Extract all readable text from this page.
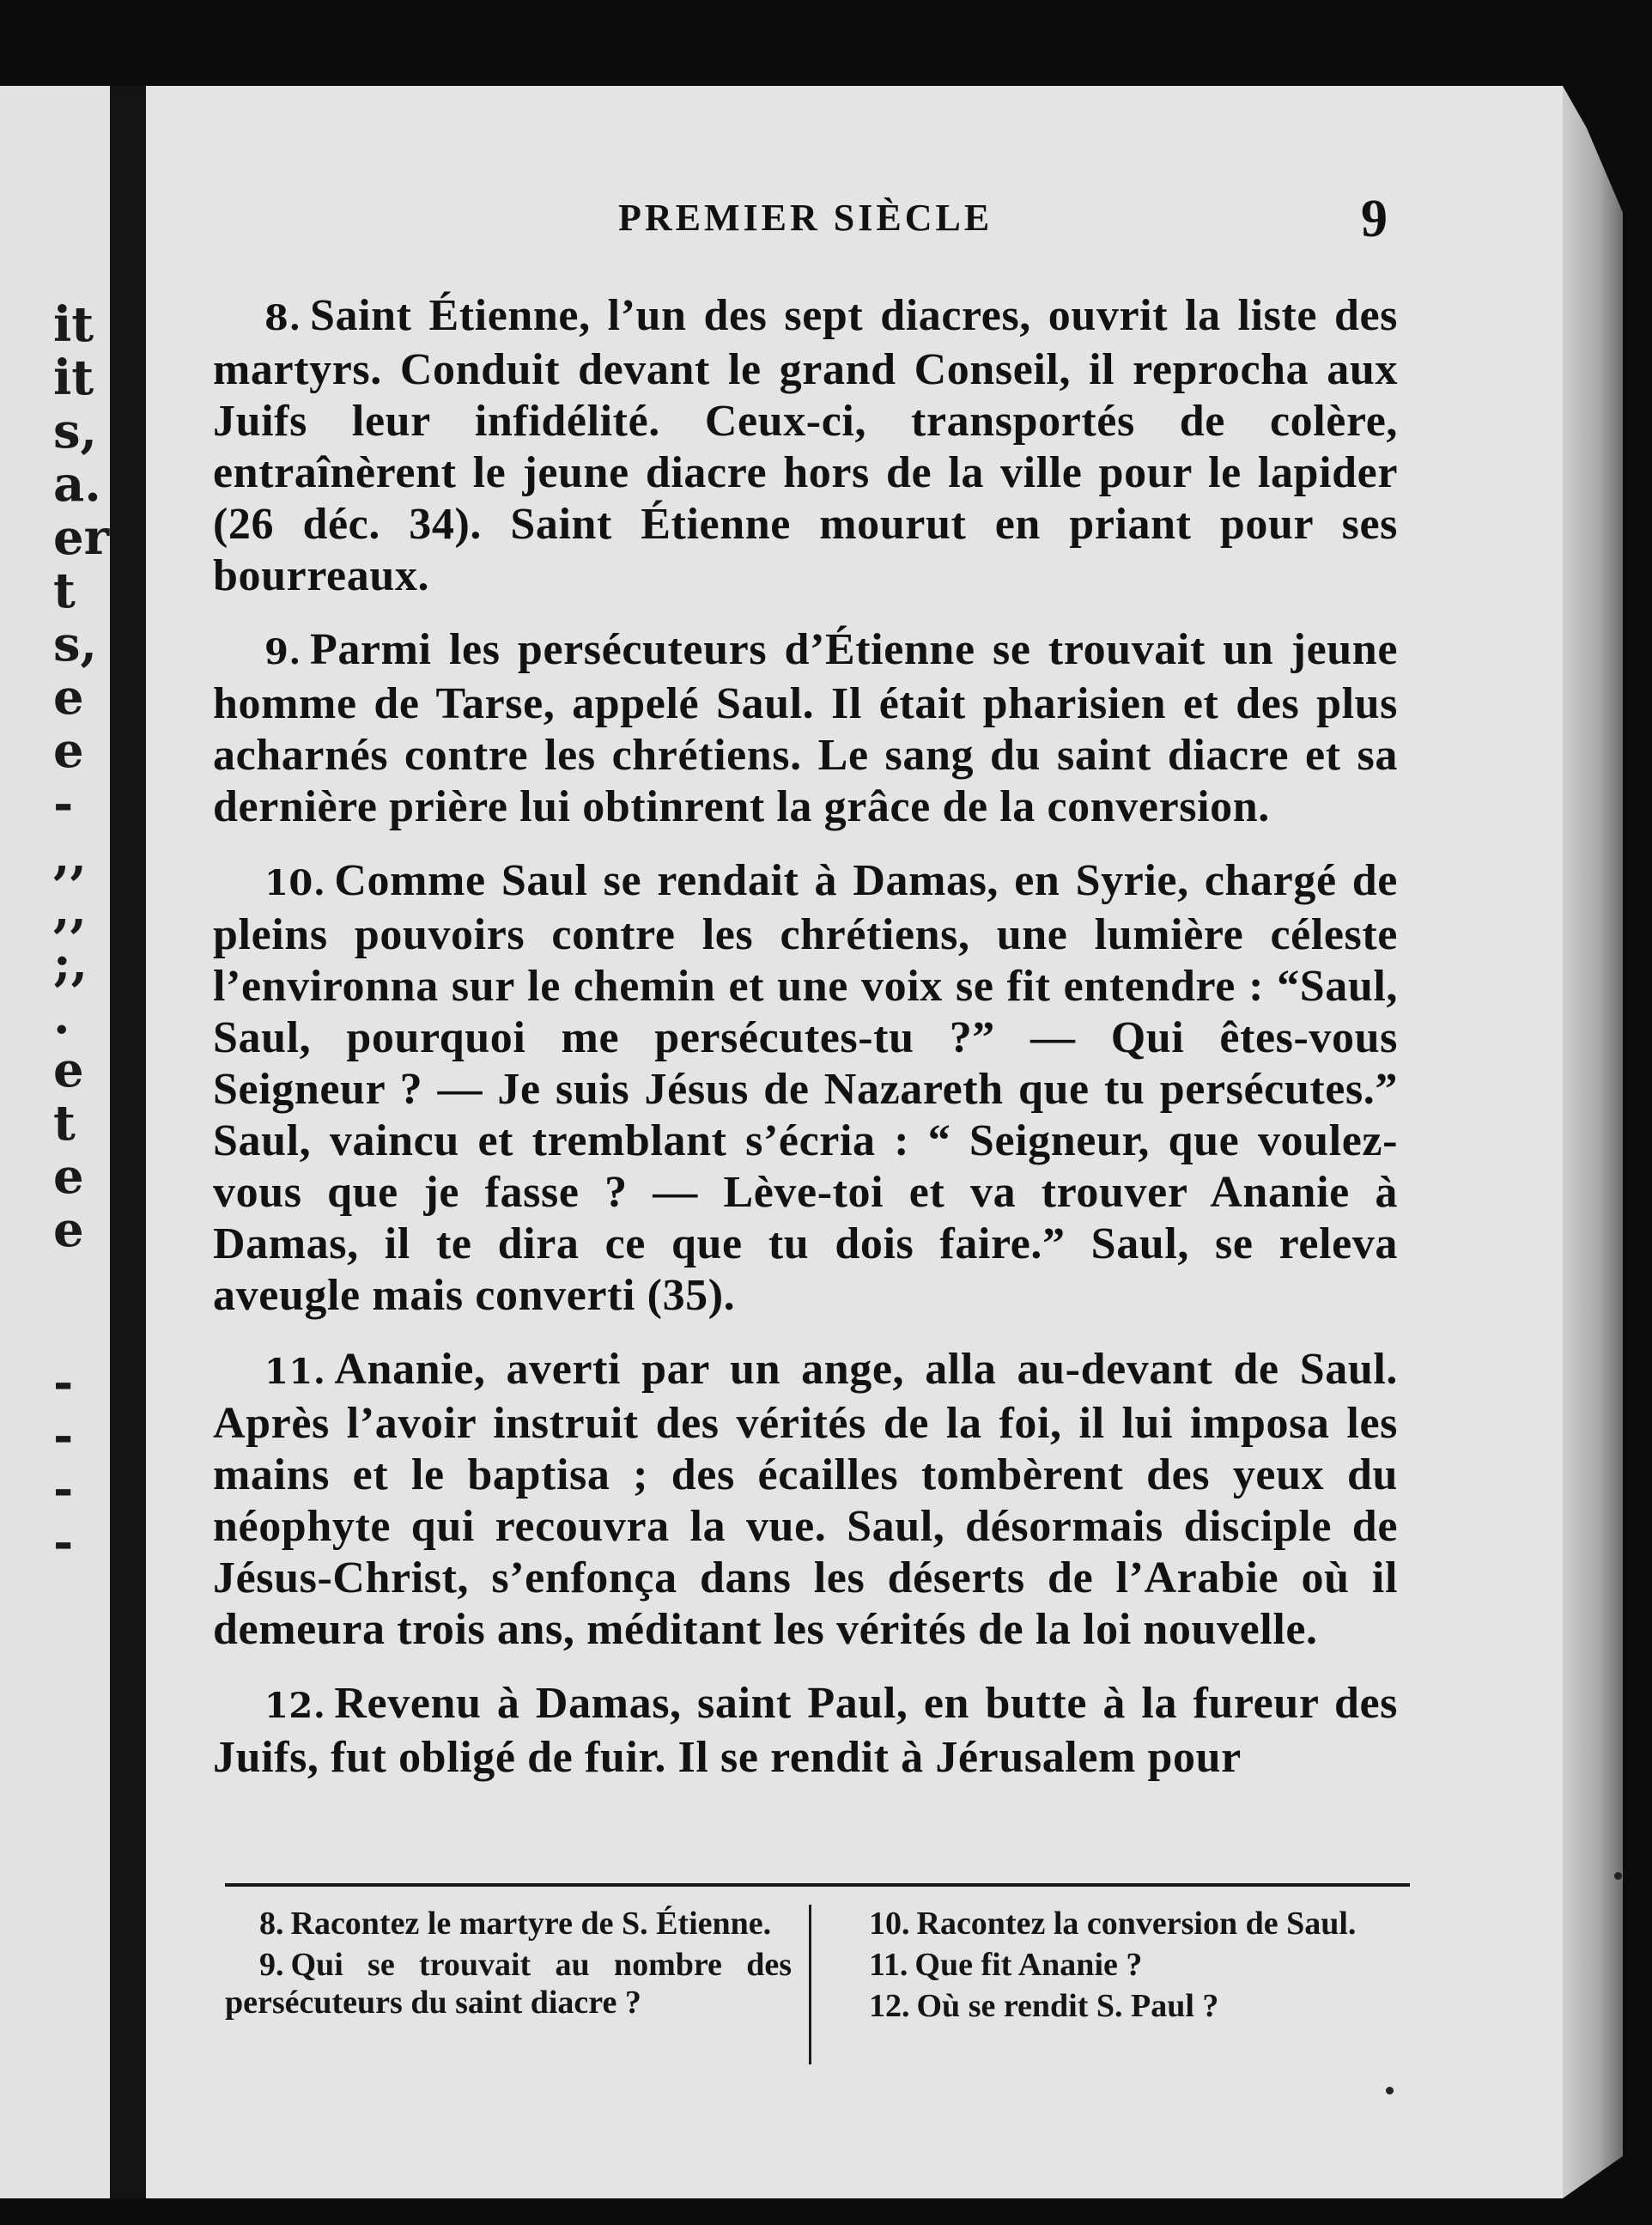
it
it
s,
a.
er
t
s,
e
e
-
,,
,,
;,
.
e
t
e
e
-
-
-
-
PREMIER SIÈCLE	9

8. Saint Étienne, l’un des sept diacres, ouvrit la liste des martyrs. Conduit devant le grand Conseil, il reprocha aux Juifs leur infidélité. Ceux-ci, transportés de colère, entraînèrent le jeune diacre hors de la ville pour le lapider (26 déc. 34). Saint Étienne mourut en priant pour ses bourreaux.

9. Parmi les persécuteurs d’Étienne se trouvait un jeune homme de Tarse, appelé Saul. Il était pharisien et des plus acharnés contre les chrétiens. Le sang du saint diacre et sa dernière prière lui obtinrent la grâce de la conversion.

10. Comme Saul se rendait à Damas, en Syrie, chargé de pleins pouvoirs contre les chrétiens, une lumière céleste l’environna sur le chemin et une voix se fit entendre : “Saul, Saul, pourquoi me persécutes-tu ?” — Qui êtes-vous Seigneur ? — Je suis Jésus de Nazareth que tu persécutes.” Saul, vaincu et tremblant s’écria : “ Seigneur, que voulez-vous que je fasse ? — Lève-toi et va trouver Ananie à Damas, il te dira ce que tu dois faire.” Saul, se releva aveugle mais converti (35).

11. Ananie, averti par un ange, alla au-devant de Saul. Après l’avoir instruit des vérités de la foi, il lui imposa les mains et le baptisa ; des écailles tombèrent des yeux du néophyte qui recouvra la vue. Saul, désormais disciple de Jésus-Christ, s’enfonça dans les déserts de l’Arabie où il demeura trois ans, méditant les vérités de la loi nouvelle.

12. Revenu à Damas, saint Paul, en butte à la fureur des Juifs, fut obligé de fuir. Il se rendit à Jérusalem pour

8. Racontez le martyre de S. Étienne.

9. Qui se trouvait au nombre des persécuteurs du saint diacre ?

10. Racontez la conversion de Saul.

11. Que fit Ananie ?

12. Où se rendit S. Paul ?
